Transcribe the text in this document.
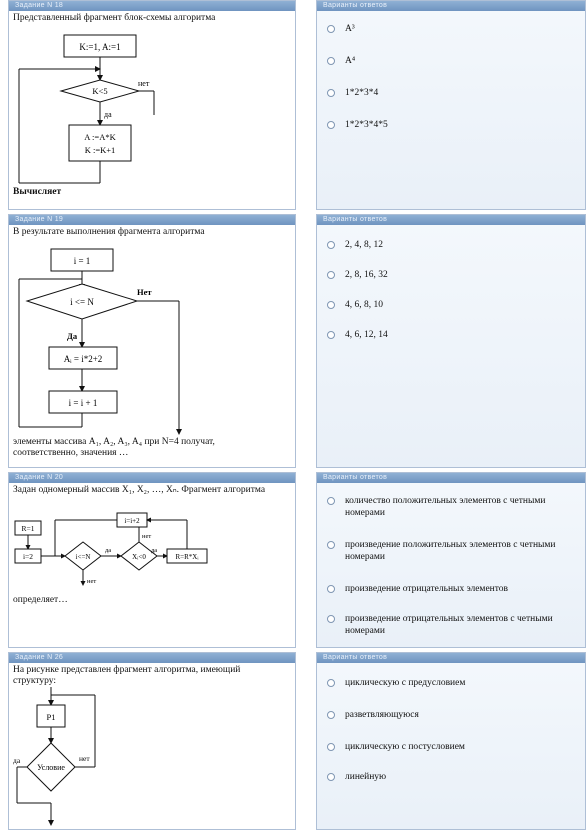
Задание N 18
Представленный фрагмент блок-схемы алгоритма
K:=1, A:=1
K<5
нет
да
A :=A*K
K :=K+1
Вычисляет
Варианты ответов
A³
A⁴
1*2*3*4
1*2*3*4*5
Задание N 19
В результате выполнения фрагмента алгоритма
i = 1
i <= N
Нет
Да
Aᵢ = i*2+2
i = i + 1
элементы массива A₁, A₂, A₃, A₄ при N=4 получат, соответственно, значения …
Варианты ответов
2, 4, 8, 12
2, 8, 16, 32
4, 6, 8, 10
4, 6, 12, 14
Задание N 20
Задан одномерный массив X₁, X₂, …, Xₙ. Фрагмент алгоритма
R=1
i=2	i<=N
да
нет
Xᵢ<0
да
R=R*Xᵢ
нет
i=i+2
определяет…
Варианты ответов
количество положительных элементов с четными номерами
произведение положительных элементов с четными номерами
произведение отрицательных элементов
произведение отрицательных элементов с четными номерами
Задание N 26
На рисунке представлен фрагмент алгоритма, имеющий структуру:
P1
Условие
нет
да
Варианты ответов
циклическую с предусловием
разветвляющуюся
циклическую с постусловием
линейную
